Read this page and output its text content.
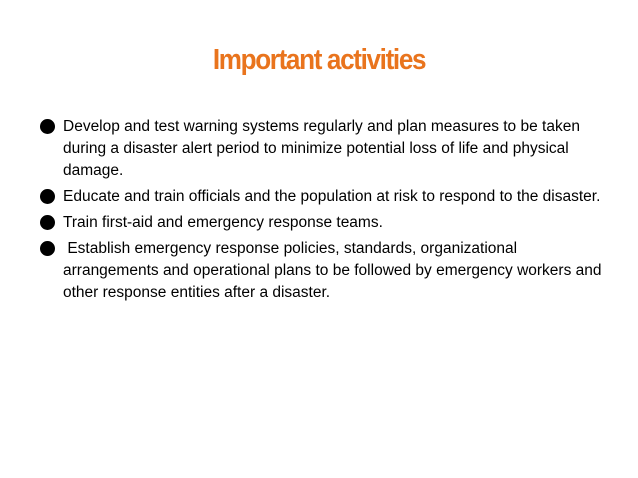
Important activities
Develop and test warning systems regularly and plan measures to be taken during a disaster alert period to minimize potential loss of life and physical damage.
Educate and train officials and the population at risk to respond to the disaster.
Train first-aid and emergency response teams.
Establish emergency response policies, standards, organizational arrangements and operational plans to be followed by emergency workers and other response entities after a disaster.
